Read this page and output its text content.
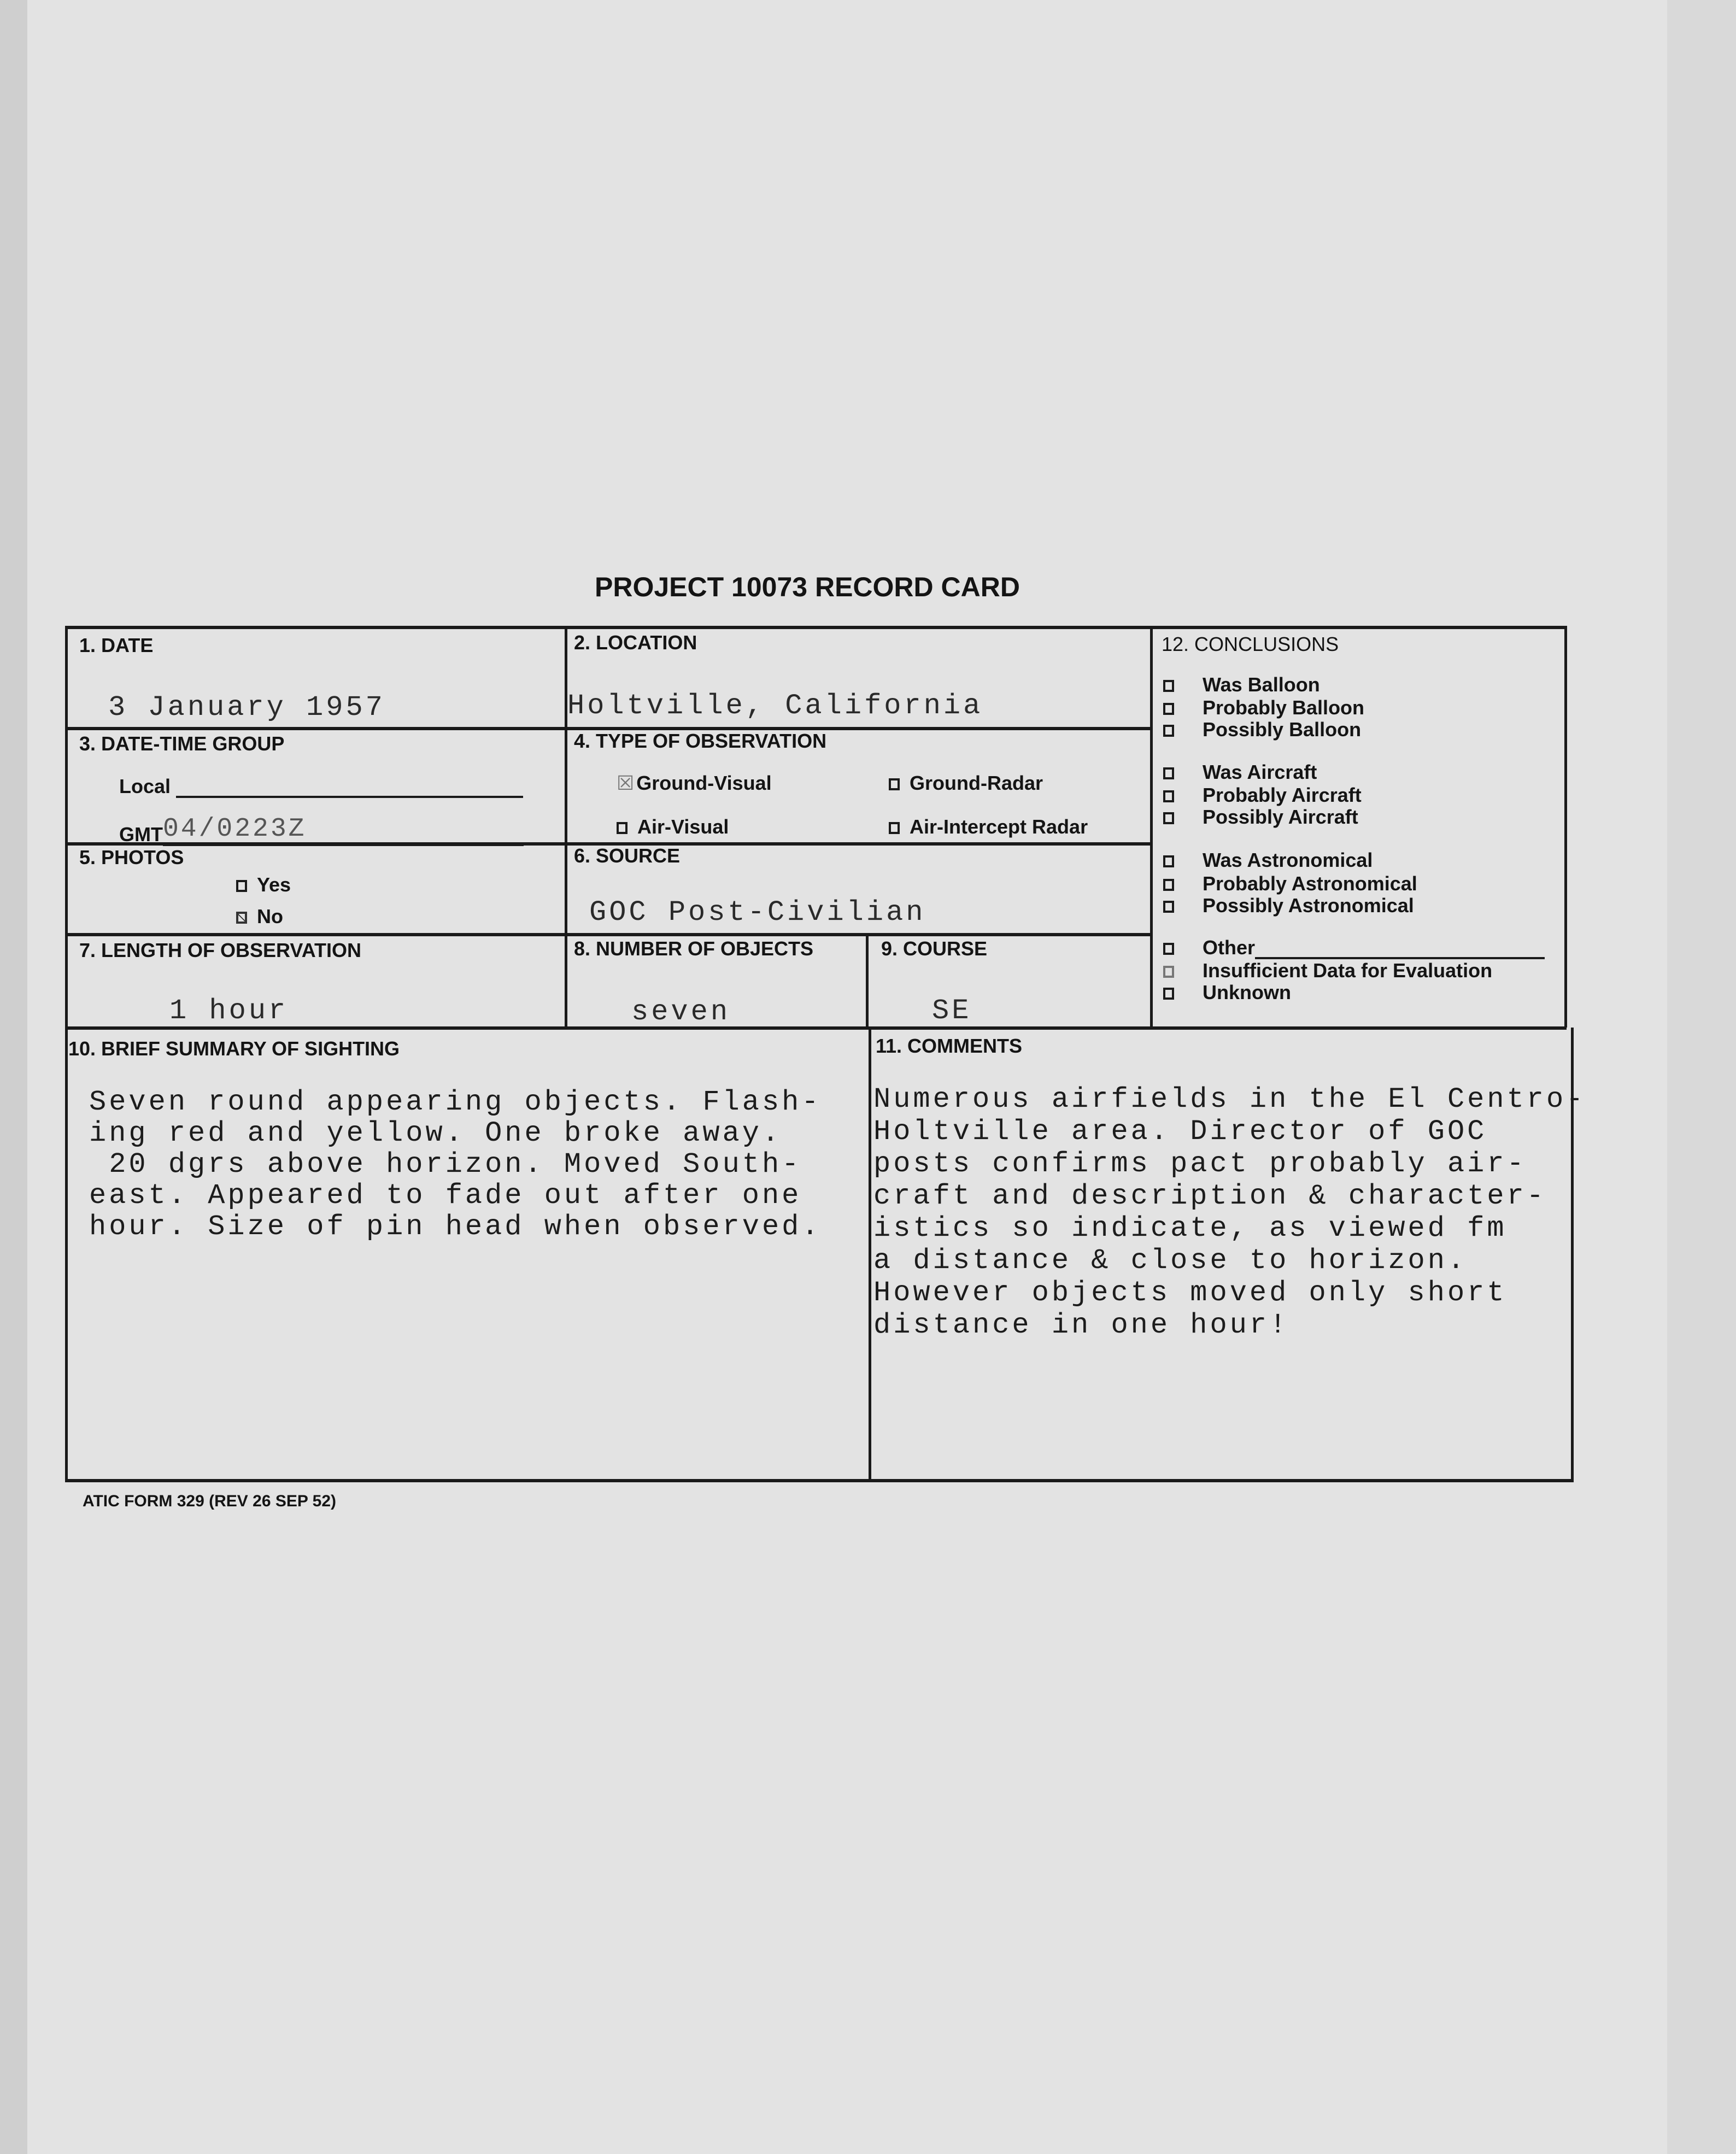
PROJECT 10073 RECORD CARD
1. DATE
3 January 1957
2. LOCATION
Holtville, California
3. DATE-TIME GROUP
Local
GMT04/0223Z
4. TYPE OF OBSERVATION
☒ Ground-Visual	Ground-Radar
Air-Visual	Air-Intercept Radar
5. PHOTOS
Yes
No
6. SOURCE
GOC Post-Civilian
7. LENGTH OF OBSERVATION
1 hour
8. NUMBER OF OBJECTS
seven
9. COURSE
SE
10. BRIEF SUMMARY OF SIGHTING
Seven round appearing objects. Flash-
ing red and yellow. One broke away.
20 dgrs above horizon. Moved South-
east. Appeared to fade out after one
hour. Size of pin head when observed.
11. COMMENTS
Numerous airfields in the El Centro-
Holtville area. Director of GOC
posts confirms pact probably air-
craft and description & character-
istics so indicate, as viewed fm
a distance & close to horizon.
However objects moved only short
distance in one hour!
12. CONCLUSIONS
Was Balloon
Probably Balloon
Possibly Balloon
Was Aircraft
Probably Aircraft
Possibly Aircraft
Was Astronomical
Probably Astronomical
Possibly Astronomical
Other
Insufficient Data for Evaluation
Unknown
ATIC FORM 329 (REV 26 SEP 52)
